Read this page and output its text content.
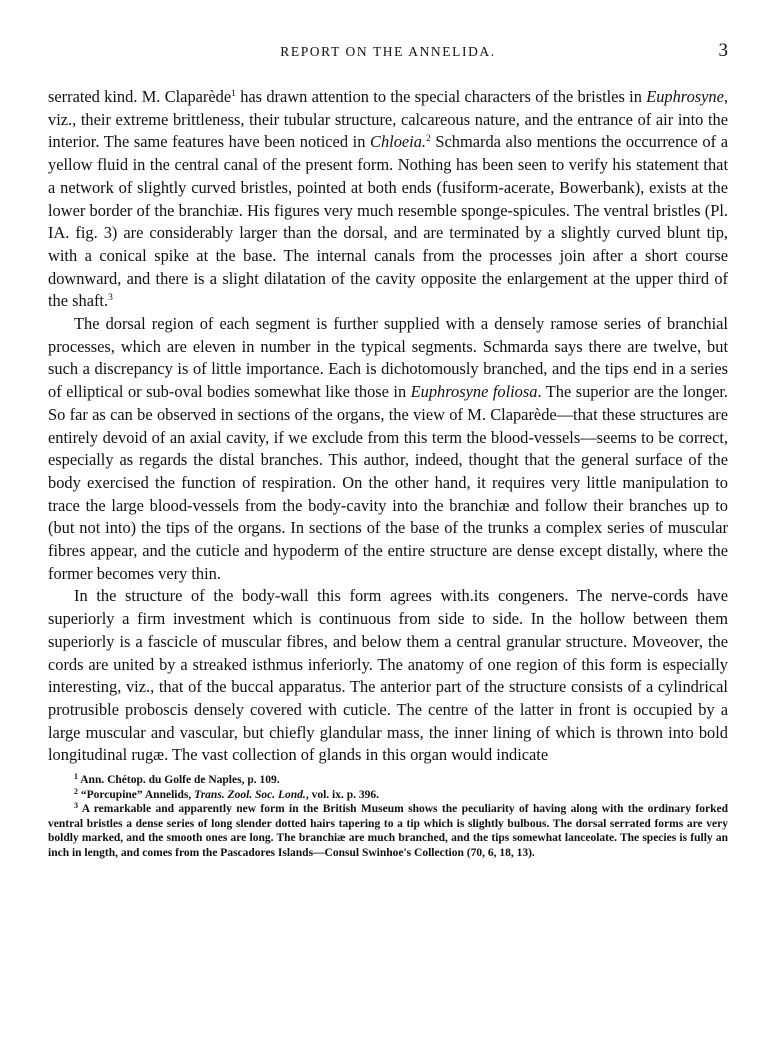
REPORT ON THE ANNELIDA.	3

serrated kind. M. Claparède$^1$ has drawn attention to the special characters of the bristles in Euphrosyne, viz., their extreme brittleness, their tubular structure, calcareous nature, and the entrance of air into the interior. The same features have been noticed in Chloeia.$^2$ Schmarda also mentions the occurrence of a yellow fluid in the central canal of the present form. Nothing has been seen to verify his statement that a network of slightly curved bristles, pointed at both ends (fusiform-acerate, Bowerbank), exists at the lower border of the branchiæ. His figures very much resemble sponge-spicules. The ventral bristles (Pl. IA. fig. 3) are considerably larger than the dorsal, and are terminated by a slightly curved blunt tip, with a conical spike at the base. The internal canals from the processes join after a short course downward, and there is a slight dilatation of the cavity opposite the enlargement at the upper third of the shaft.$^3$

The dorsal region of each segment is further supplied with a densely ramose series of branchial processes, which are eleven in number in the typical segments. Schmarda says there are twelve, but such a discrepancy is of little importance. Each is dichotomously branched, and the tips end in a series of elliptical or sub-oval bodies somewhat like those in Euphrosyne foliosa. The superior are the longer. So far as can be observed in sections of the organs, the view of M. Claparède—that these structures are entirely devoid of an axial cavity, if we exclude from this term the blood-vessels—seems to be correct, especially as regards the distal branches. This author, indeed, thought that the general surface of the body exercised the function of respiration. On the other hand, it requires very little manipulation to trace the large blood-vessels from the body-cavity into the branchiæ and follow their branches up to (but not into) the tips of the organs. In sections of the base of the trunks a complex series of muscular fibres appear, and the cuticle and hypoderm of the entire structure are dense except distally, where the former becomes very thin.

In the structure of the body-wall this form agrees with.its congeners. The nerve-cords have superiorly a firm investment which is continuous from side to side. In the hollow between them superiorly is a fascicle of muscular fibres, and below them a central granular structure. Moveover, the cords are united by a streaked isthmus inferiorly. The anatomy of one region of this form is especially interesting, viz., that of the buccal apparatus. The anterior part of the structure consists of a cylindrical protrusible proboscis densely covered with cuticle. The centre of the latter in front is occupied by a large muscular and vascular, but chiefly glandular mass, the inner lining of which is thrown into bold longitudinal rugæ. The vast collection of glands in this organ would indicate

$^1$ Ann. Chétop. du Golfe de Naples, p. 109.

$^2$ “Porcupine” Annelids, Trans. Zool. Soc. Lond., vol. ix. p. 396.

$^3$ A remarkable and apparently new form in the British Museum shows the peculiarity of having along with the ordinary forked ventral bristles a dense series of long slender dotted hairs tapering to a tip which is slightly bulbous. The dorsal serrated forms are very boldly marked, and the smooth ones are long. The branchiæ are much branched, and the tips somewhat lanceolate. The species is fully an inch in length, and comes from the Pascadores Islands—Consul Swinhoe's Collection (70, 6, 18, 13).
